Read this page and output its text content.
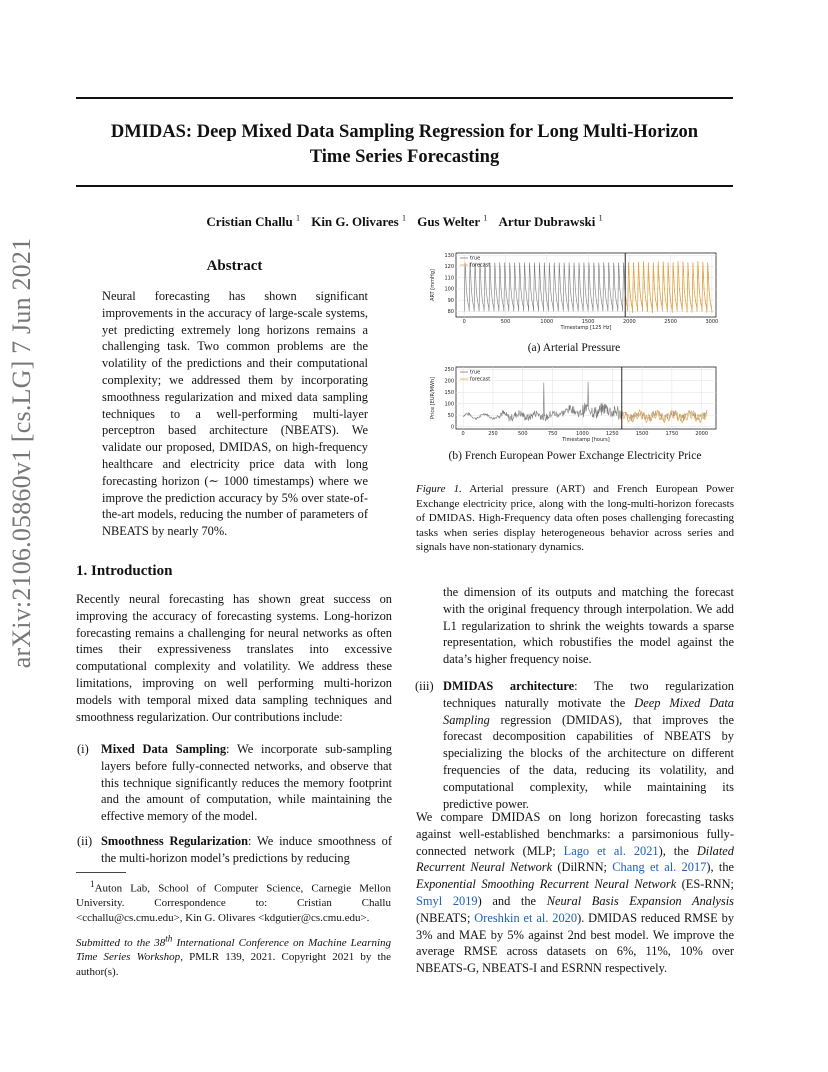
arXiv:2106.05860v1 [cs.LG] 7 Jun 2021
DMIDAS: Deep Mixed Data Sampling Regression for Long Multi-Horizon
Time Series Forecasting
Cristian Challu $^1$ Kin G. Olivares $^1$ Gus Welter $^1$ Artur Dubrawski $^1$
Abstract
Neural forecasting has shown significant improvements in the accuracy of large-scale systems, yet predicting extremely long horizons remains a challenging task. Two common problems are the volatility of the predictions and their computational complexity; we addressed them by incorporating smoothness regularization and mixed data sampling techniques to a well-performing multi-layer perceptron based architecture (NBEATS). We validate our proposed, DMIDAS, on high-frequency healthcare and electricity price data with long forecasting horizon (∼ 1000 timestamps) where we improve the prediction accuracy by 5% over state-of-the-art models, reducing the number of parameters of NBEATS by nearly 70%.
1. Introduction
Recently neural forecasting has shown great success on improving the accuracy of forecasting systems. Long-horizon forecasting remains a challenging for neural networks as often times their expressiveness translates into excessive computational complexity and volatility. We address these limitations, improving on well performing multi-horizon models with temporal mixed data sampling techniques and smoothness regularization. Our contributions include:
(i) Mixed Data Sampling: We incorporate sub-sampling layers before fully-connected networks, and observe that this technique significantly reduces the memory footprint and the amount of computation, while maintaining the effective memory of the model.
(ii) Smoothness Regularization: We induce smoothness of the multi-horizon model’s predictions by reducing
$^1$Auton Lab, School of Computer Science, Carnegie Mellon University. Correspondence to: Cristian Challu <cchallu@cs.cmu.edu>, Kin G. Olivares <kdgutier@cs.cmu.edu>.
Submitted to the 38th International Conference on Machine Learning Time Series Workshop, PMLR 139, 2021. Copyright 2021 by the author(s).
the dimension of its outputs and matching the forecast with the original frequency through interpolation. We add L1 regularization to shrink the weights towards a sparse representation, which robustifies the model against the data’s higher frequency noise.
(iii) DMIDAS architecture: The two regularization techniques naturally motivate the Deep Mixed Data Sampling regression (DMIDAS), that improves the forecast decomposition capabilities of NBEATS by specializing the blocks of the architecture on different frequencies of the data, reducing its volatility, and computational complexity, while maintaining its predictive power.
We compare DMIDAS on long horizon forecasting tasks against well-established benchmarks: a parsimonious fully-connected network (MLP; Lago et al. 2021), the Dilated Recurrent Neural Network (DilRNN; Chang et al. 2017), the Exponential Smoothing Recurrent Neural Network (ES-RNN; Smyl 2019) and the Neural Basis Expansion Analysis (NBEATS; Oreshkin et al. 2020). DMIDAS reduced RMSE by 3% and MAE by 5% against 2nd best model. We improve the average RMSE across datasets on 6%, 11%, 10% over NBEATS-G, NBEATS-I and ESRNN respectively.
0	500	1000	1500	2000	2500	3000
80
90
100
110
120
130
Timestamp [125 Hz]
ART [mmHg]
true
forecast
(a) Arterial Pressure
0	250	500	750	1000	1250	1500	1750	2000
0
50
100
150
200
250
Timestamp [hours]
Price [EUR/MWh]
true
forecast
(b) French European Power Exchange Electricity Price
Figure 1. Arterial pressure (ART) and French European Power Exchange electricity price, along with the long-multi-horizon forecasts of DMIDAS. High-Frequency data often poses challenging forecasting tasks when series display heterogeneous behavior across series and signals have non-stationary dynamics.
